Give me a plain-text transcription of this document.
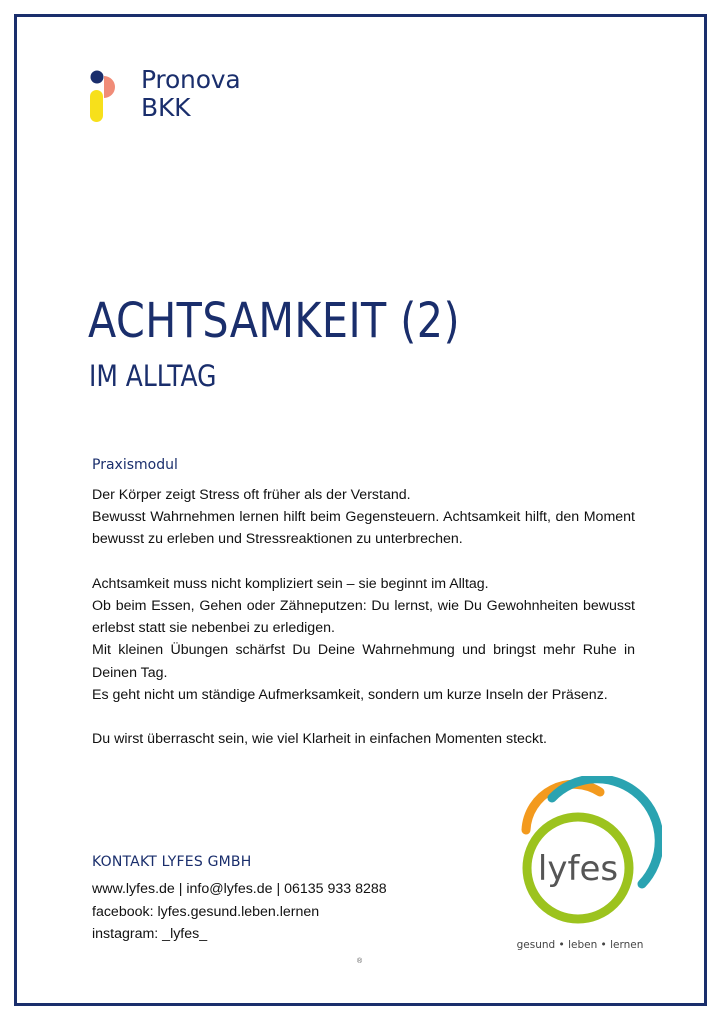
Pronova
BKK
ACHTSAMKEIT (2)
IM ALLTAG
Praxismodul

Der Körper zeigt Stress oft früher als der Verstand.

Bewusst Wahrnehmen lernen hilft beim Gegensteuern. Achtsamkeit hilft, den Moment bewusst zu erleben und Stressreaktionen zu unterbrechen.

Achtsamkeit muss nicht kompliziert sein – sie beginnt im Alltag.

Ob beim Essen, Gehen oder Zähneputzen: Du lernst, wie Du Gewohnheiten bewusst erlebst statt sie nebenbei zu erledigen.

Mit kleinen Übungen schärfst Du Deine Wahrnehmung und bringst mehr Ruhe in Deinen Tag.

Es geht nicht um ständige Aufmerksamkeit, sondern um kurze Inseln der Präsenz.

Du wirst überrascht sein, wie viel Klarheit in einfachen Momenten steckt.

KONTAKT LYFES GMBH

www.lyfes.de | info@lyfes.de | 06135 933 8288

facebook: lyfes.gesund.leben.lernen

instagram: _lyfes_

lyfes
gesund • leben • lernen
®
